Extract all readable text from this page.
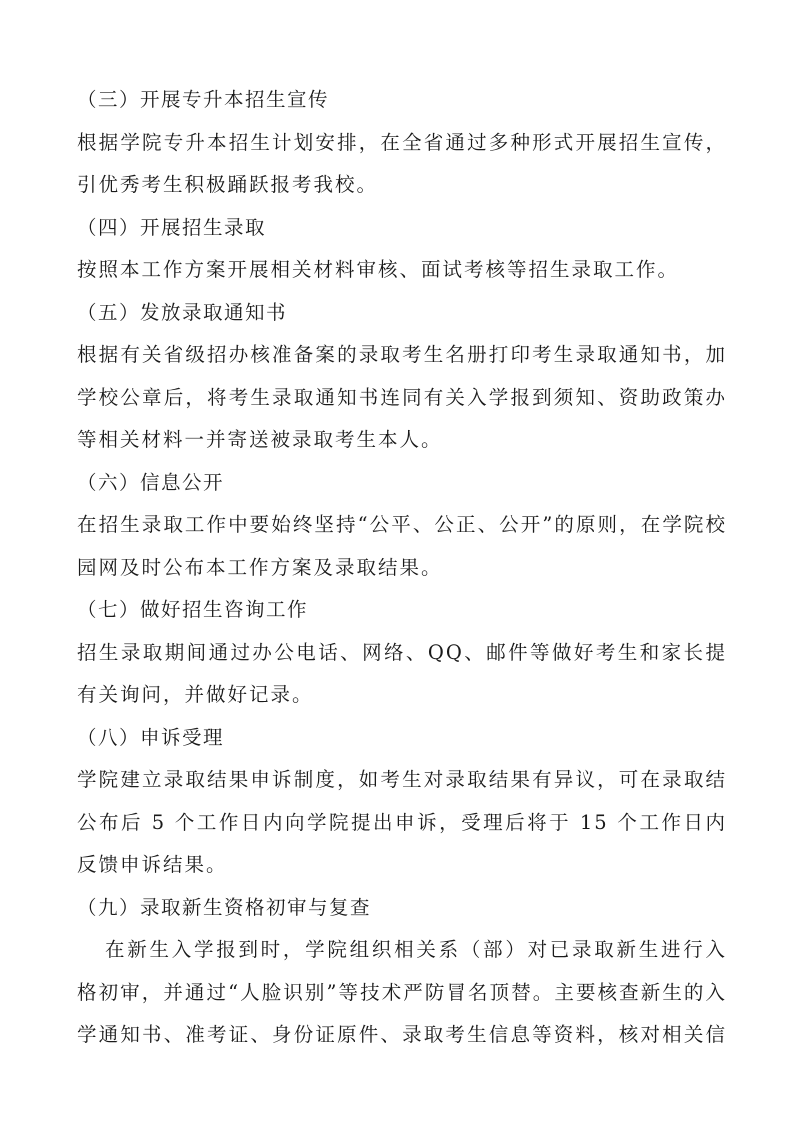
（三）开展专升本招生宣传
根据学院专升本招生计划安排，在全省通过多种形式开展招生宣传，
引优秀考生积极踊跃报考我校。
（四）开展招生录取
按照本工作方案开展相关材料审核、面试考核等招生录取工作。
（五）发放录取通知书
根据有关省级招办核准备案的录取考生名册打印考生录取通知书，加
学校公章后，将考生录取通知书连同有关入学报到须知、资助政策办
等相关材料一并寄送被录取考生本人。
（六）信息公开
在招生录取工作中要始终坚持“公平、公正、公开”的原则，在学院校
园网及时公布本工作方案及录取结果。
（七）做好招生咨询工作
招生录取期间通过办公电话、网络、QQ、邮件等做好考生和家长提
有关询问，并做好记录。
（八）申诉受理
学院建立录取结果申诉制度，如考生对录取结果有异议，可在录取结
公布后 5 个工作日内向学院提出申诉，受理后将于 15 个工作日内
反馈申诉结果。
（九）录取新生资格初审与复查
在新生入学报到时，学院组织相关系（部）对已录取新生进行入
格初审，并通过“人脸识别”等技术严防冒名顶替。主要核查新生的入
学通知书、准考证、身份证原件、录取考生信息等资料，核对相关信
